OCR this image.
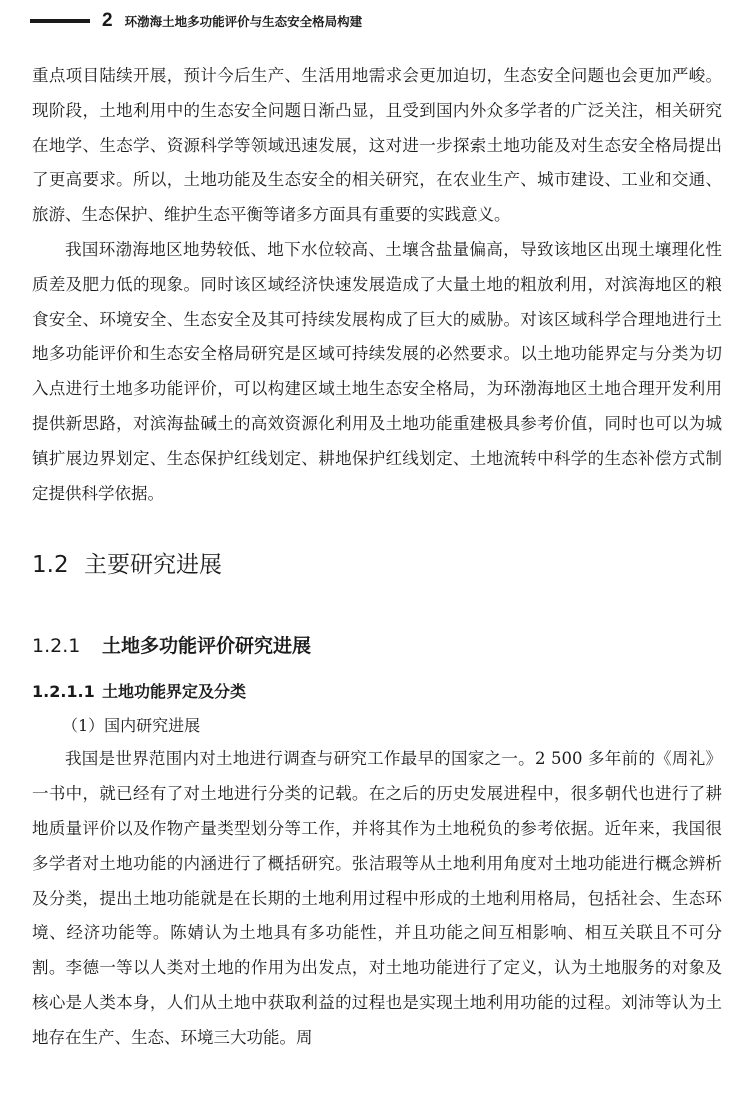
2 环渤海土地多功能评价与生态安全格局构建

重点项目陆续开展，预计今后生产、生活用地需求会更加迫切，生态安全问题也会更加严峻。现阶段，土地利用中的生态安全问题日渐凸显，且受到国内外众多学者的广泛关注，相关研究在地学、生态学、资源科学等领域迅速发展，这对进一步探索土地功能及对生态安全格局提出了更高要求。所以，土地功能及生态安全的相关研究，在农业生产、城市建设、工业和交通、旅游、生态保护、维护生态平衡等诸多方面具有重要的实践意义。

我国环渤海地区地势较低、地下水位较高、土壤含盐量偏高，导致该地区出现土壤理化性质差及肥力低的现象。同时该区域经济快速发展造成了大量土地的粗放利用，对滨海地区的粮食安全、环境安全、生态安全及其可持续发展构成了巨大的威胁。对该区域科学合理地进行土地多功能评价和生态安全格局研究是区域可持续发展的必然要求。以土地功能界定与分类为切入点进行土地多功能评价，可以构建区域土地生态安全格局，为环渤海地区土地合理开发利用提供新思路，对滨海盐碱土的高效资源化利用及土地功能重建极具参考价值，同时也可以为城镇扩展边界划定、生态保护红线划定、耕地保护红线划定、土地流转中科学的生态补偿方式制定提供科学依据。

1.2 主要研究进展
1.2.1	土地多功能评价研究进展
1.2.1.1 土地功能界定及分类
（1）国内研究进展

我国是世界范围内对土地进行调查与研究工作最早的国家之一。2 500 多年前的《周礼》一书中，就已经有了对土地进行分类的记载。在之后的历史发展进程中，很多朝代也进行了耕地质量评价以及作物产量类型划分等工作，并将其作为土地税负的参考依据。近年来，我国很多学者对土地功能的内涵进行了概括研究。张洁瑕等从土地利用角度对土地功能进行概念辨析及分类，提出土地功能就是在长期的土地利用过程中形成的土地利用格局，包括社会、生态环境、经济功能等。陈婧认为土地具有多功能性，并且功能之间互相影响、相互关联且不可分割。李德一等以人类对土地的作用为出发点，对土地功能进行了定义，认为土地服务的对象及核心是人类本身，人们从土地中获取利益的过程也是实现土地利用功能的过程。刘沛等认为土地存在生产、生态、环境三大功能。周
